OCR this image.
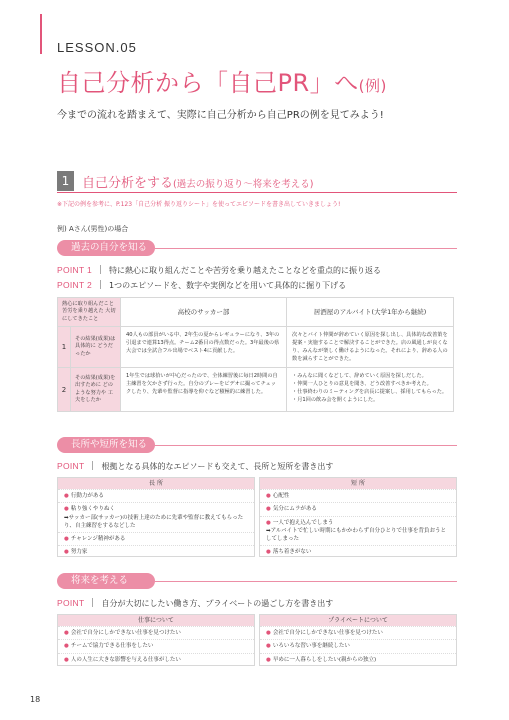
LESSON.05
自己分析から「自己PR」へ(例)
今までの流れを踏まえて、実際に自己分析から自己PRの例を見てみよう!
1 自己分析をする(過去の振り返り〜将来を考える)
※下記の例を参考に、P.123「自己分析 振り返りシート」を使ってエピソードを書き出していきましょう!
例) Aさん(男性)の場合
過去の自分を知る
POINT 1 特に熱心に取り組んだことや苦労を乗り越えたことなどを重点的に振り返る
POINT 2 1つのエピソードを、数字や実例などを用いて具体的に掘り下げる
熱心に取り組んだこと 苦労を乗り越えた 大切にしてきたこと		高校のサッカー部	居酒屋のアルバイト(大学1年から継続)
1	その結果(成果)は 具体的に どうだったか	40人もの部員がいる中、2年生の夏からレギュラーになり、3年の引退まで連算13得点。チーム2番目の得点数だった。3年最後の県大会では全試合フル出場でベスト4に貢献した。	次々とバイト仲間が辞めていく原因を探し出し、具体的な改善策を提案・実施することで解決することができた。店の風通しが良くなり、みんなが楽しく働けるようになった。それにより、辞める人の数を減らすことができた。
2	その結果(成果)を 出すために どのような努力や 工夫をしたか	1年生では球拾いが中心だったので、全体練習後に毎日2時間の自主練習を欠かさず行った。自分のプレーをビデオに撮ってチェックしたり、先輩や監督に指導を仰ぐなど積極的に練習した。	・みんなに聞くなどして、辞めていく原因を探しだした。
・仲間一人ひとりの意見を聞き、どう改善すべきか考えた。
・仕事終わりのミーティングを店長に提案し、採用してもらった。
・月1回の飲み会を開くようにした。
長所や短所を知る
POINT 根拠となる具体的なエピソードも交えて、長所と短所を書き出す
長 所
● 行動力がある
● 粘り強くやりぬく
➡サッカー部(サッカー)の技術上達のために先輩や監督に教えてもらったり、自主練習をするなどした
● チャレンジ精神がある
● 努力家
短 所
● 心配性
● 気分にムラがある
● 一人で抱え込んでしまう
➡アルバイトで忙しい時期にもかかわらず自分ひとりで仕事を背負おうとしてしまった
● 落ち着きがない
将来を考える
POINT 自分が大切にしたい働き方、プライベートの過ごし方を書き出す
仕事について
● 会社で自分にしかできない仕事を見つけたい
● チームで協力できる仕事をしたい
● 人の人生に大きな影響を与える仕事がしたい
プライベートについて
● 会社で自分にしかできない仕事を見つけたい
● いろいろな習い事を継続したい
● 早めに一人暮らしをしたい(親からの独立)
18
